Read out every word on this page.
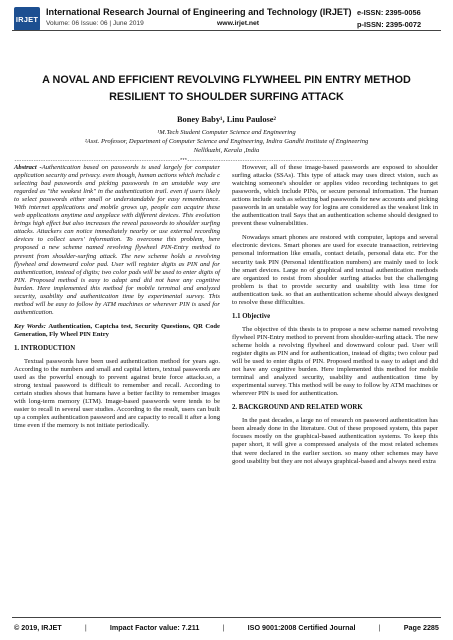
IRJET
International Research Journal of Engineering and Technology (IRJET) e-ISSN: 2395-0056
Volume: 06 Issue: 06 | June 2019	www.irjet.net	p-ISSN: 2395-0072
A NOVAL AND EFFICIENT REVOLVING FLYWHEEL PIN ENTRY METHOD
RESILIENT TO SHOULDER SURFING ATTACK
Boney Baby¹, Linu Paulose²
¹M.Tech Student Computer Science and Engineering
²Asst. Professor, Department of Computer Science and Engineering, Indira Gandhi Institute of Engineering
Nellikuzhi, Kerala ,India
---------------------------------------------------------------------***---------------------------------------------------------------------

Abstract -Authentication based on passwords is used largely for computer application security and privacy. even though, human actions which include c selecting bad passwords and picking passwords in an unstable way are regarded as "the weakest link" in the authentication trail. even if users likely to select passwords either small or understandable for easy remembrance. With internet applications and mobile grows up, people can acquire these web applications anytime and anyplace with different devices. This evolution brings high effect but also increases the reveal passwords to shoulder surfing attacks. Attackers can notice immediately nearby or use external recording devices to collect users' information. To overcome this problem, here proposed a new scheme named revolving flywheel PIN-Entry method to prevent from shoulder-surfing attack. The new scheme holds a revolving flywheel and downward color pad. User will register digits as PIN and for authentication, instead of digits; two color pads will be used to enter digits of PIN. Proposed method is easy to adapt and did not have any cognitive burden. Here implemented this method for mobile terminal and analyzed security, usability and authentication time by experimental survey. This method will be easy to follow by ATM machines or wherever PIN is used for authentication.

Key Words: Authentication, Captcha test, Security Questions, QR Code Generation, Fly Wheel PIN Entry

1. INTRODUCTION

Textual passwords have been used authentication method for years ago. According to the numbers and small and capital letters, textual passwords are used as the powerful enough to prevent against brute force attacks.so, a strong textual password is difficult to remember and recall. According to certain studies shows that humans have a better facility to remember images with long-term memory (LTM). Image-based passwords were tends to be easier to recall in several user studies. According to the result, users can built up a complex authentication password and are capacity to recall it after a long time even if the memory is not initiate periodically.

However, all of these image-based passwords are exposed to shoulder surfing attacks (SSAs). This type of attack may uses direct vision, such as watching someone's shoulder or applies video recording techniques to get passwords, which include PINs, or secure personal information. The human actions include such as selecting bad passwords for new accounts and picking passwords in an unstable way for logins are considered as the weakest link in the authentication trail Says that an authentication scheme should designed to prevent these vulnerabilities.

Nowadays smart phones are restored with computer, laptops and several electronic devices. Smart phones are used for execute transaction, retrieving personal information like emails, contact details, personal data etc. For the security task PIN (Personal identification numbers) are mainly used to lock the smart devices. Large no of graphical and textual authentication methods are organized to resist from shoulder surfing attacks but the challenging problem is that to provide security and usability with less time for authentication task. so that an authentication scheme should always designed to resolve these difficulties.

1.1 Objective

The objective of this thesis is to propose a new scheme named revolving flywheel PIN-Entry method to prevent from shoulder-surfing attack. The new scheme holds a revolving flywheel and downward colour pad. User will register digits as PIN and for authentication, instead of digits; two colour pad will be used to enter digits of PIN. Proposed method is easy to adapt and did not have any cognitive burden. Here implemented this method for mobile terminal and analyzed security, usability and authentication time by experimental survey. This method will be easy to follow by ATM machines or wherever PIN is used for authentication.

2. BACKGROUND AND RELATED WORK

In the past decades, a large no of research on password authentication has been already done in the literature. Out of these proposed system, this paper focuses mostly on the graphical-based authentication systems. To keep this paper short, it will give a compressed analysis of the most related schemes that were declared in the earlier section. so many other schemes may have good usability but they are not always graphical-based and always need extra

© 2019, IRJET	|	Impact Factor value: 7.211	|	ISO 9001:2008 Certified Journal	|	Page 2285
